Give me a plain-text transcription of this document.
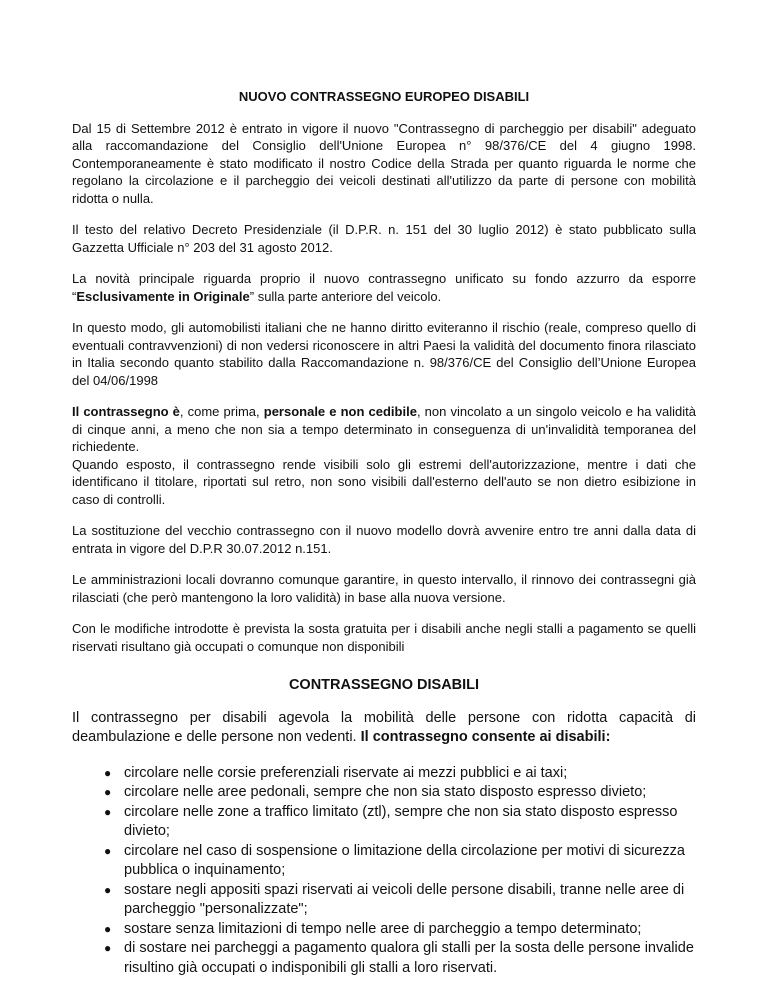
NUOVO CONTRASSEGNO EUROPEO DISABILI

Dal 15 di Settembre 2012 è entrato in vigore il nuovo "Contrassegno di parcheggio per disabili" adeguato alla raccomandazione del Consiglio dell'Unione Europea n° 98/376/CE del 4 giugno 1998. Contemporaneamente è stato modificato il nostro Codice della Strada per quanto riguarda le norme che regolano la circolazione e il parcheggio dei veicoli destinati all'utilizzo da parte di persone con mobilità ridotta o nulla.

Il testo del relativo Decreto Presidenziale (il D.P.R. n. 151 del 30 luglio 2012) è stato pubblicato sulla Gazzetta Ufficiale n° 203 del 31 agosto 2012.

La novità principale riguarda proprio il nuovo contrassegno unificato su fondo azzurro da esporre “Esclusivamente in Originale” sulla parte anteriore del veicolo.

In questo modo, gli automobilisti italiani che ne hanno diritto eviteranno il rischio (reale, compreso quello di eventuali contravvenzioni) di non vedersi riconoscere in altri Paesi la validità del documento finora rilasciato in Italia secondo quanto stabilito dalla Raccomandazione n. 98/376/CE del Consiglio dell’Unione Europea del 04/06/1998

Il contrassegno è, come prima, personale e non cedibile, non vincolato a un singolo veicolo e ha validità di cinque anni, a meno che non sia a tempo determinato in conseguenza di un'invalidità temporanea del richiedente.

Quando esposto, il contrassegno rende visibili solo gli estremi dell'autorizzazione, mentre i dati che identificano il titolare, riportati sul retro, non sono visibili dall'esterno dell'auto se non dietro esibizione in caso di controlli.

La sostituzione del vecchio contrassegno con il nuovo modello dovrà avvenire entro tre anni dalla data di entrata in vigore del D.P.R 30.07.2012 n.151.

Le amministrazioni locali dovranno comunque garantire, in questo intervallo, il rinnovo dei contrassegni già rilasciati (che però mantengono la loro validità) in base alla nuova versione.

Con le modifiche introdotte è prevista la sosta gratuita per i disabili anche negli stalli a pagamento se quelli riservati risultano già occupati o comunque non disponibili

CONTRASSEGNO DISABILI

Il contrassegno per disabili agevola la mobilità delle persone con ridotta capacità di deambulazione e delle persone non vedenti. Il contrassegno consente ai disabili:

● circolare nelle corsie preferenziali riservate ai mezzi pubblici e ai taxi;
● circolare nelle aree pedonali, sempre che non sia stato disposto espresso divieto;
● circolare nelle zone a traffico limitato (ztl), sempre che non sia stato disposto espresso divieto;
● circolare nel caso di sospensione o limitazione della circolazione per motivi di sicurezza pubblica o inquinamento;
● sostare negli appositi spazi riservati ai veicoli delle persone disabili, tranne nelle aree di parcheggio "personalizzate";
● sostare senza limitazioni di tempo nelle aree di parcheggio a tempo determinato;
● di sostare nei parcheggi a pagamento qualora gli stalli per la sosta delle persone invalide risultino già occupati o indisponibili gli stalli a loro riservati.
